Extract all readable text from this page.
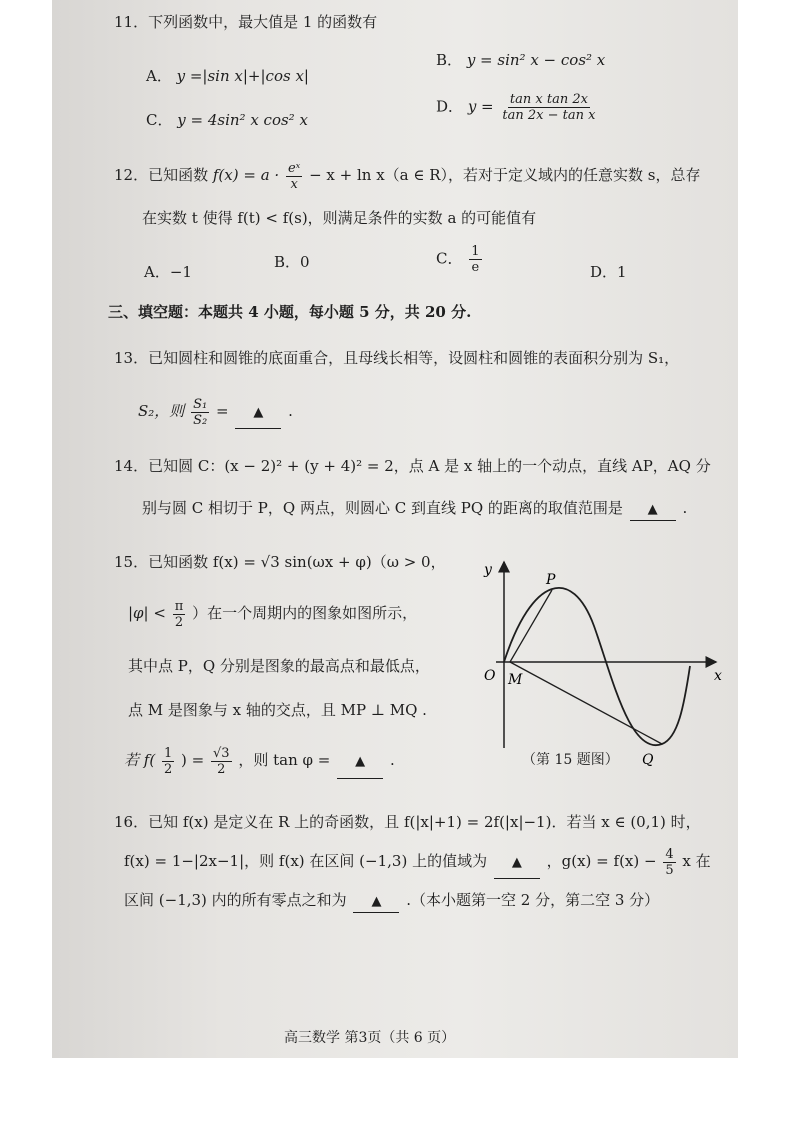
11．下列函数中，最大值是 1 的函数有
A． y =|sin x|+|cos x|
B． y = sin² x − cos² x
C． y = 4sin² x cos² x
D． $y = \frac{\text{tan x tan 2x}}{\text{tan 2x − tan x}}$
12．已知函数 $f(x) = a \cdot \frac{\text{eˣ}}{x} - x + \ln x(a$ ∈ R），若对于定义域内的任意实数 s，总存
在实数 t 使得 f(t) < f(s)，则满足条件的实数 a 的可能值有
A．−1
B．0	C． $\frac{1}{e}$	D．1
三、填空题：本题共 4 小题，每小题 5 分，共 20 分.
13．已知圆柱和圆锥的底面重合，且母线长相等，设圆柱和圆锥的表面积分别为 S₁，
S₂，则 $\frac{\text{S₁}}{\text{S₂}}$ = ▲ .
14．已知圆 C：(x − 2)² + (y + 4)² = 2，点 A 是 x 轴上的一个动点，直线 AP，AQ 分
别与圆 C 相切于 P，Q 两点，则圆心 C 到直线 PQ 的距离的取值范围是 ▲ .
15．已知函数 f(x) = √3 sin(ωx + φ)（ω > 0，
$|\varphi| < \frac{\pi}{2}$ ）在一个周期内的图象如图所示，
其中点 P，Q 分别是图象的最高点和最低点，
点 M 是图象与 x 轴的交点，且 MP ⊥ MQ .
若 $f( \frac{1}{2}$ ) = $\frac{√3}{2}$ ，则 tan φ = ▲ .
y
x
O M
P
Q
（第 15 题图）
16．已知 f(x) 是定义在 R 上的奇函数，且 f(|x|+1) = 2f(|x|−1)．若当 x ∈ (0,1) 时，
f(x) = 1−|2x−1|，则 f(x) 在区间 (−1,3) 上的值域为 ▲ ，$g(x) = f(x) - \frac{4}{5}$ x 在
区间 (−1,3) 内的所有零点之和为 ▲ .（本小题第一空 2 分，第二空 3 分）
高三数学 第3页（共 6 页）
